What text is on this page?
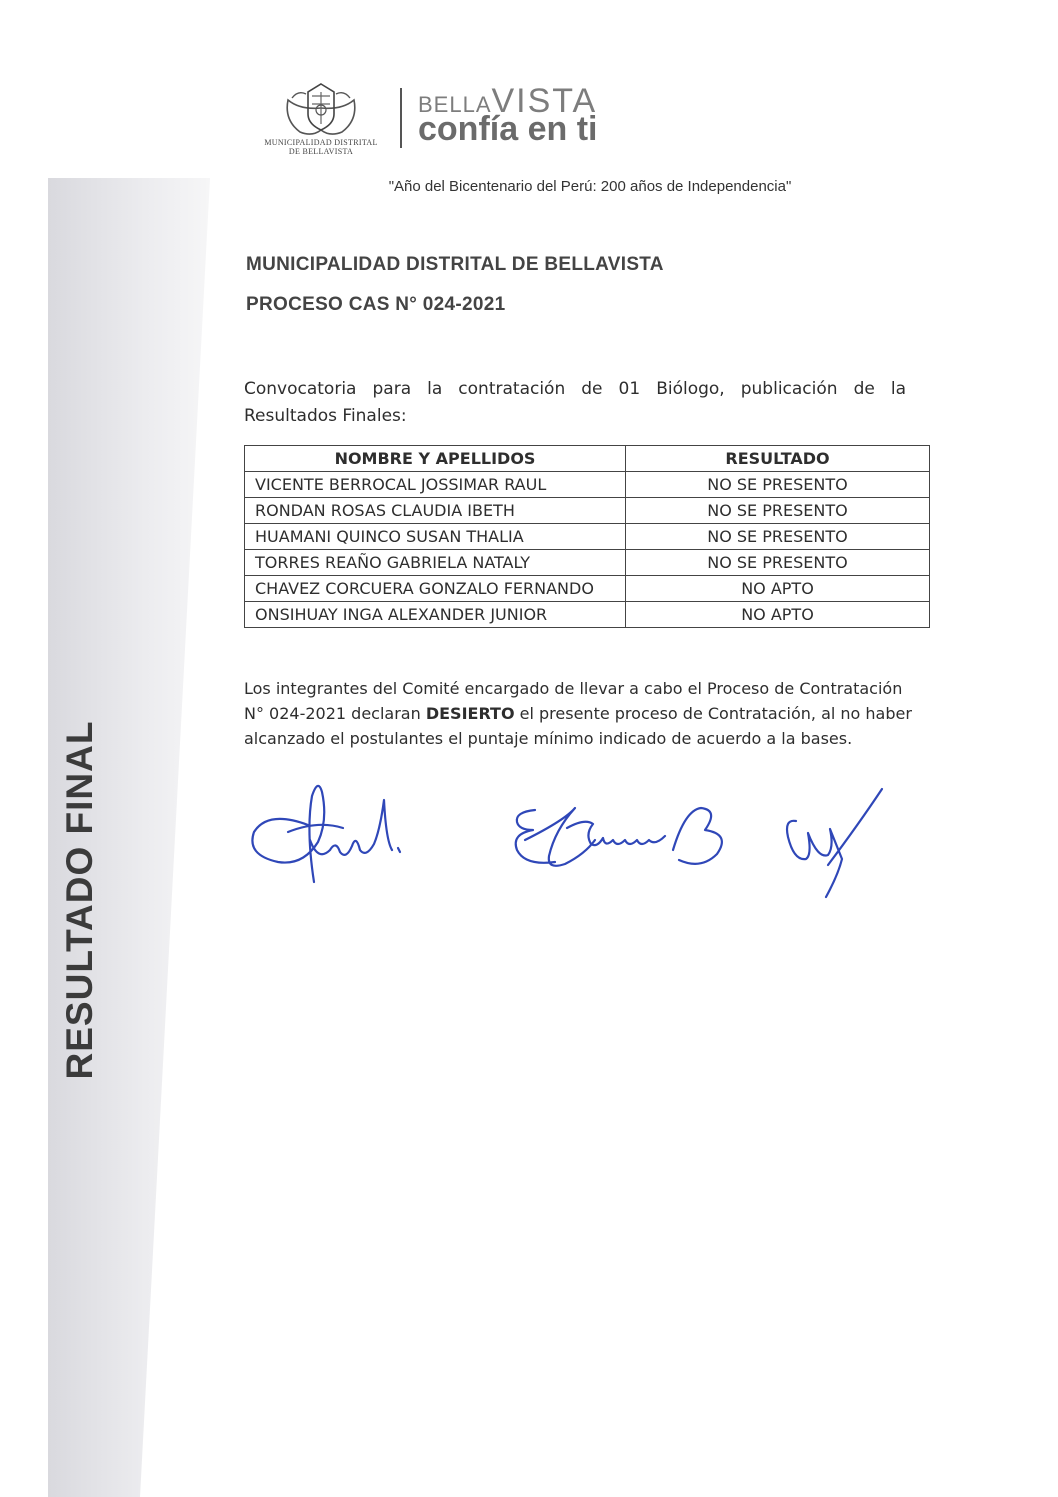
RESULTADO FINAL
MUNICIPALIDAD DISTRITAL
DE BELLAVISTA
BELLAVISTA
confía en ti
"Año del Bicentenario del Perú: 200 años de Independencia"
MUNICIPALIDAD DISTRITAL DE BELLAVISTA
PROCESO CAS N° 024-2021
Convocatoria para la contratación de 01 Biólogo, publicación de la Resultados Finales:
NOMBRE Y APELLIDOS	RESULTADO
VICENTE BERROCAL JOSSIMAR RAUL	NO SE PRESENTO
RONDAN ROSAS CLAUDIA IBETH	NO SE PRESENTO
HUAMANI QUINCO SUSAN THALIA	NO SE PRESENTO
TORRES REAÑO GABRIELA NATALY	NO SE PRESENTO
CHAVEZ CORCUERA GONZALO FERNANDO	NO APTO
ONSIHUAY INGA ALEXANDER JUNIOR	NO APTO
Los integrantes del Comité encargado de llevar a cabo el Proceso de Contratación N° 024-2021 declaran DESIERTO el presente proceso de Contratación, al no haber alcanzado el postulantes el puntaje mínimo indicado de acuerdo a la bases.
